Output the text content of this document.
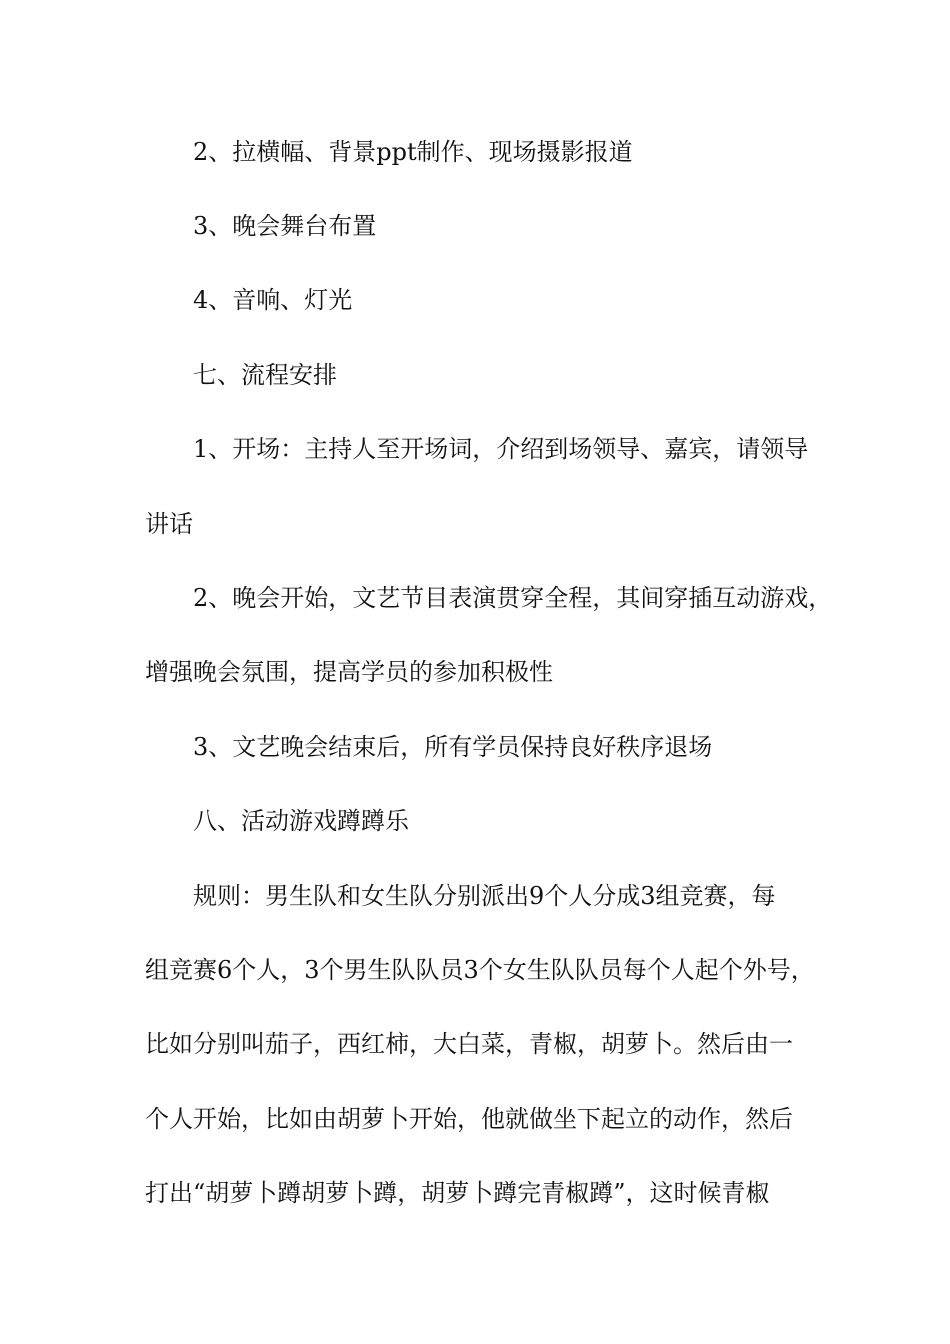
2、拉横幅、背景ppt制作、现场摄影报道
3、晚会舞台布置
4、音响、灯光
七、流程安排
1、开场：主持人至开场词，介绍到场领导、嘉宾，请领导
讲话
2、晚会开始，文艺节目表演贯穿全程，其间穿插互动游戏，
增强晚会氛围，提高学员的参加积极性
3、文艺晚会结束后，所有学员保持良好秩序退场
八、活动游戏蹲蹲乐
规则：男生队和女生队分别派出9个人分成3组竞赛，每
组竞赛6个人，3个男生队队员3个女生队队员每个人起个外号，
比如分别叫茄子，西红柿，大白菜，青椒，胡萝卜。然后由一
个人开始，比如由胡萝卜开始，他就做坐下起立的动作，然后
打出“胡萝卜蹲胡萝卜蹲，胡萝卜蹲完青椒蹲”，这时候青椒
